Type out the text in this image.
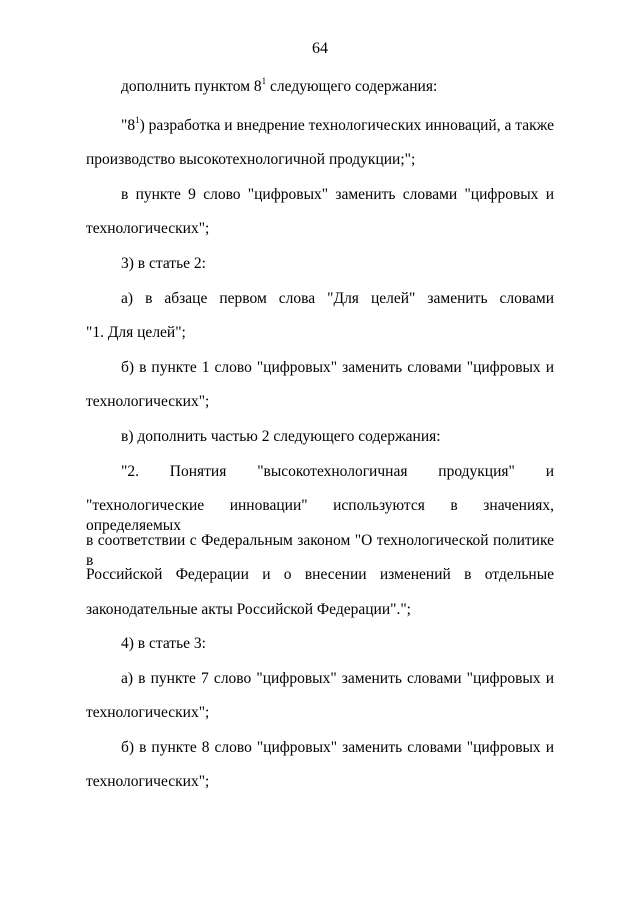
64
дополнить пунктом $8^1$ следующего содержания:
"$8^1$) разработка и внедрение технологических инноваций, а также
производство высокотехнологичной продукции;";
в пункте 9 слово "цифровых" заменить словами "цифровых и
технологических";
3) в статье 2:
а) в абзаце первом слова "Для целей" заменить словами
"1. Для целей";
б) в пункте 1 слово "цифровых" заменить словами "цифровых и
технологических";
в) дополнить частью 2 следующего содержания:
"2. Понятия "высокотехнологичная продукция" и
"технологические инновации" используются в значениях, определяемых
в соответствии с Федеральным законом "О технологической политике в
Российской Федерации и о внесении изменений в отдельные
законодательные акты Российской Федерации".";
4) в статье 3:
а) в пункте 7 слово "цифровых" заменить словами "цифровых и
технологических";
б) в пункте 8 слово "цифровых" заменить словами "цифровых и
технологических";
